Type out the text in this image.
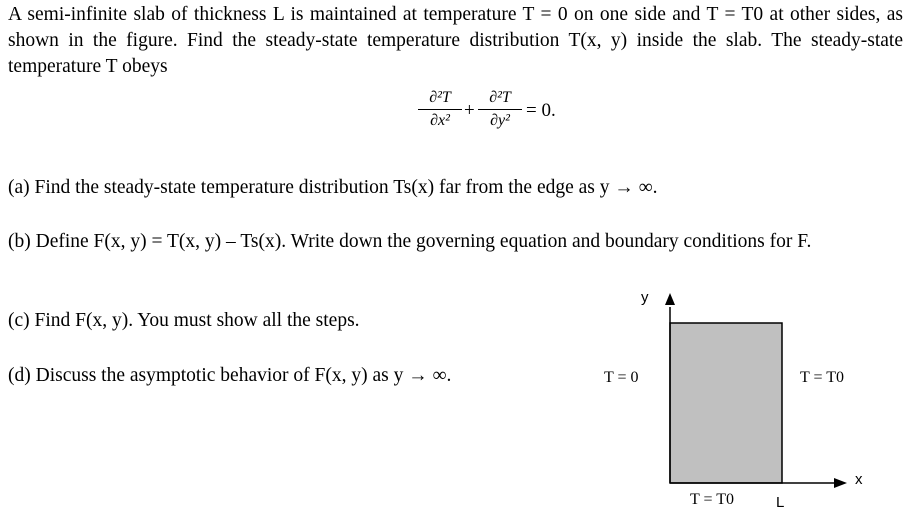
A semi-infinite slab of thickness L is maintained at temperature T = 0 on one side and T = T0 at other sides, as shown in the figure. Find the steady-state temperature distribution T(x, y) inside the slab. The steady-state temperature T obeys
∂²T
∂x² +
∂²T
∂y² = 0.
(a) Find the steady-state temperature distribution Ts(x) far from the edge as y → ∞.
(b) Define F(x, y) = T(x, y) – Ts(x). Write down the governing equation and boundary conditions for F.
(c) Find F(x, y). You must show all the steps.
(d) Discuss the asymptotic behavior of F(x, y) as y → ∞.
y
x
T = 0	T = T0
T = T0	L
